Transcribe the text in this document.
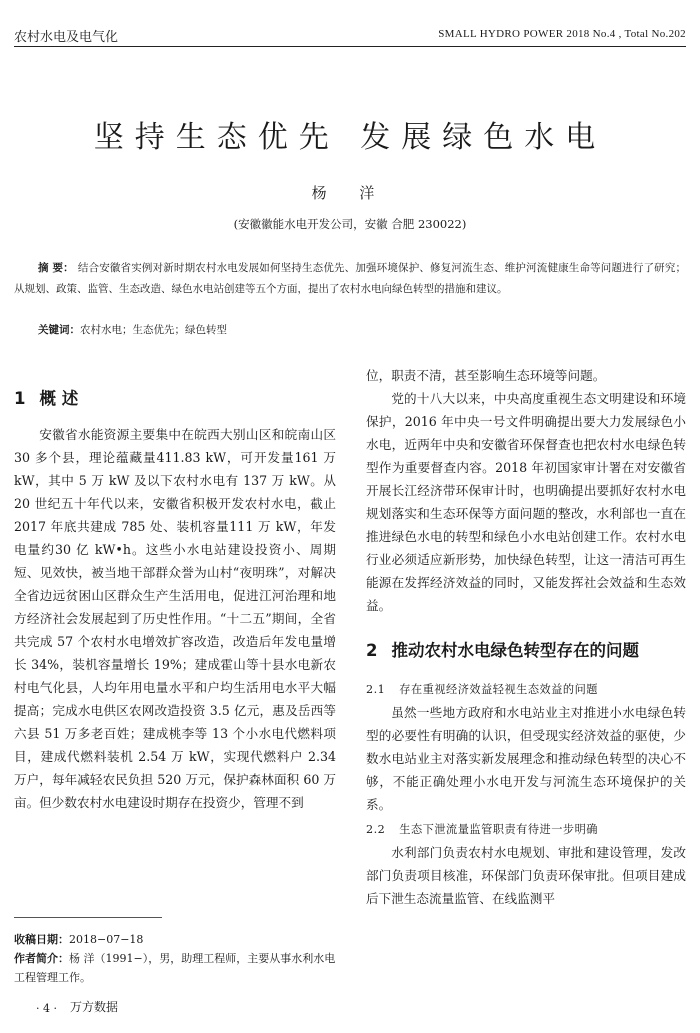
农村水电及电气化	SMALL HYDRO POWER 2018 No.4 , Total No.202
坚持生态优先 发展绿色水电
杨 洋
(安徽徽能水电开发公司，安徽 合肥 230022)
摘 要： 结合安徽省实例对新时期农村水电发展如何坚持生态优先、加强环境保护、修复河流生态、维护河流健康生命等问题进行了研究；从规划、政策、监管、生态改造、绿色水电站创建等五个方面，提出了农村水电向绿色转型的措施和建议。
关键词：农村水电；生态优先；绿色转型
1 概 述

安徽省水能资源主要集中在皖西大别山区和皖南山区 30 多个县，理论蕴藏量411.83 kW，可开发量161 万 kW，其中 5 万 kW 及以下农村水电有 137 万 kW。从 20 世纪五十年代以来，安徽省积极开发农村水电，截止 2017 年底共建成 785 处、装机容量111 万 kW，年发电量约30 亿 kW•h。这些小水电站建设投资小、周期短、见效快，被当地干部群众誉为山村“夜明珠”，对解决全省边远贫困山区群众生产生活用电，促进江河治理和地方经济社会发展起到了历史性作用。“十二五”期间，全省共完成 57 个农村水电增效扩容改造，改造后年发电量增长 34%，装机容量增长 19%；建成霍山等十县水电新农村电气化县，人均年用电量水平和户均生活用电水平大幅提高；完成水电供区农网改造投资 3.5 亿元，惠及岳西等六县 51 万多老百姓；建成桃李等 13 个小水电代燃料项目，建成代燃料装机 2.54 万 kW，实现代燃料户 2.34 万户，每年减轻农民负担 520 万元，保护森林面积 60 万亩。但少数农村水电建设时期存在投资少，管理不到

收稿日期：2018−07−18
作者简介：杨 洋（1991−），男，助理工程师，主要从事水利水电工程管理工作。

位，职责不清，甚至影响生态环境等问题。

党的十八大以来，中央高度重视生态文明建设和环境保护，2016 年中央一号文件明确提出要大力发展绿色小水电，近两年中央和安徽省环保督查也把农村水电绿色转型作为重要督查内容。2018 年初国家审计署在对安徽省开展长江经济带环保审计时，也明确提出要抓好农村水电规划落实和生态环保等方面问题的整改，水利部也一直在推进绿色水电的转型和绿色小水电站创建工作。农村水电行业必须适应新形势，加快绿色转型，让这一清洁可再生能源在发挥经济效益的同时，又能发挥社会效益和生态效益。

2 推动农村水电绿色转型存在的问题
2.1 存在重视经济效益轻视生态效益的问题

虽然一些地方政府和水电站业主对推进小水电绿色转型的必要性有明确的认识，但受现实经济效益的驱使，少数水电站业主对落实新发展理念和推动绿色转型的决心不够，不能正确处理小水电开发与河流生态环境保护的关系。

2.2 生态下泄流量监管职责有待进一步明确

水利部门负责农村水电规划、审批和建设管理，发改部门负责项目核准，环保部门负责环保审批。但项目建成后下泄生态流量监管、在线监测平

· 4 · 万方数据
